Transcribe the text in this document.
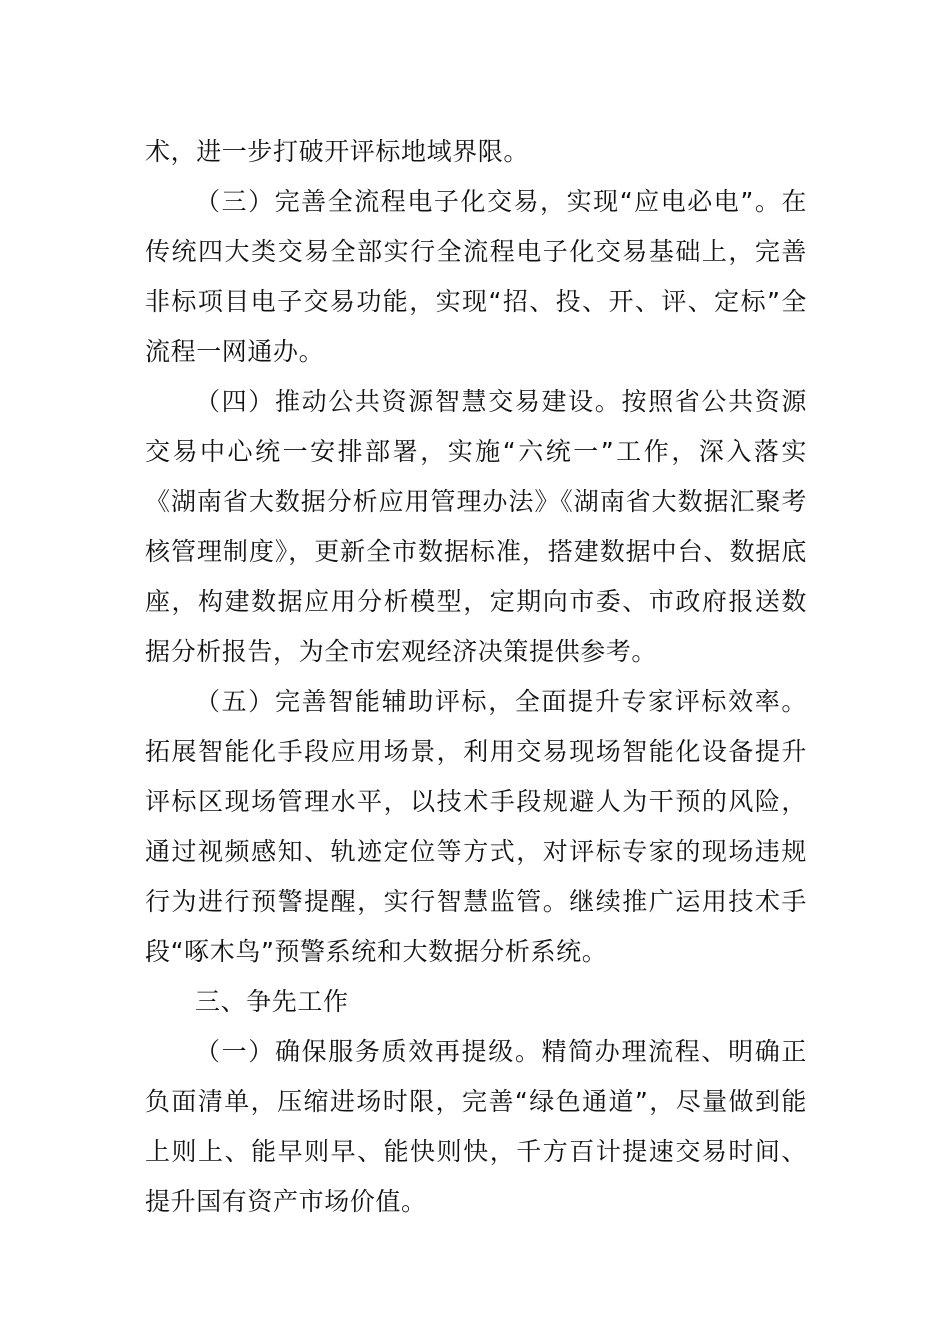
术，进一步打破开评标地域界限。

（三）完善全流程电子化交易，实现“应电必电”。在传统四大类交易全部实行全流程电子化交易基础上，完善非标项目电子交易功能，实现“招、投、开、评、定标”全流程一网通办。

（四）推动公共资源智慧交易建设。按照省公共资源交易中心统一安排部署，实施“六统一”工作，深入落实《湖南省大数据分析应用管理办法》《湖南省大数据汇聚考核管理制度》，更新全市数据标准，搭建数据中台、数据底座，构建数据应用分析模型，定期向市委、市政府报送数据分析报告，为全市宏观经济决策提供参考。

（五）完善智能辅助评标，全面提升专家评标效率。拓展智能化手段应用场景，利用交易现场智能化设备提升评标区现场管理水平，以技术手段规避人为干预的风险，通过视频感知、轨迹定位等方式，对评标专家的现场违规行为进行预警提醒，实行智慧监管。继续推广运用技术手段“啄木鸟”预警系统和大数据分析系统。

三、争先工作

（一）确保服务质效再提级。精简办理流程、明确正负面清单，压缩进场时限，完善“绿色通道”，尽量做到能上则上、能早则早、能快则快，千方百计提速交易时间、提升国有资产市场价值。
